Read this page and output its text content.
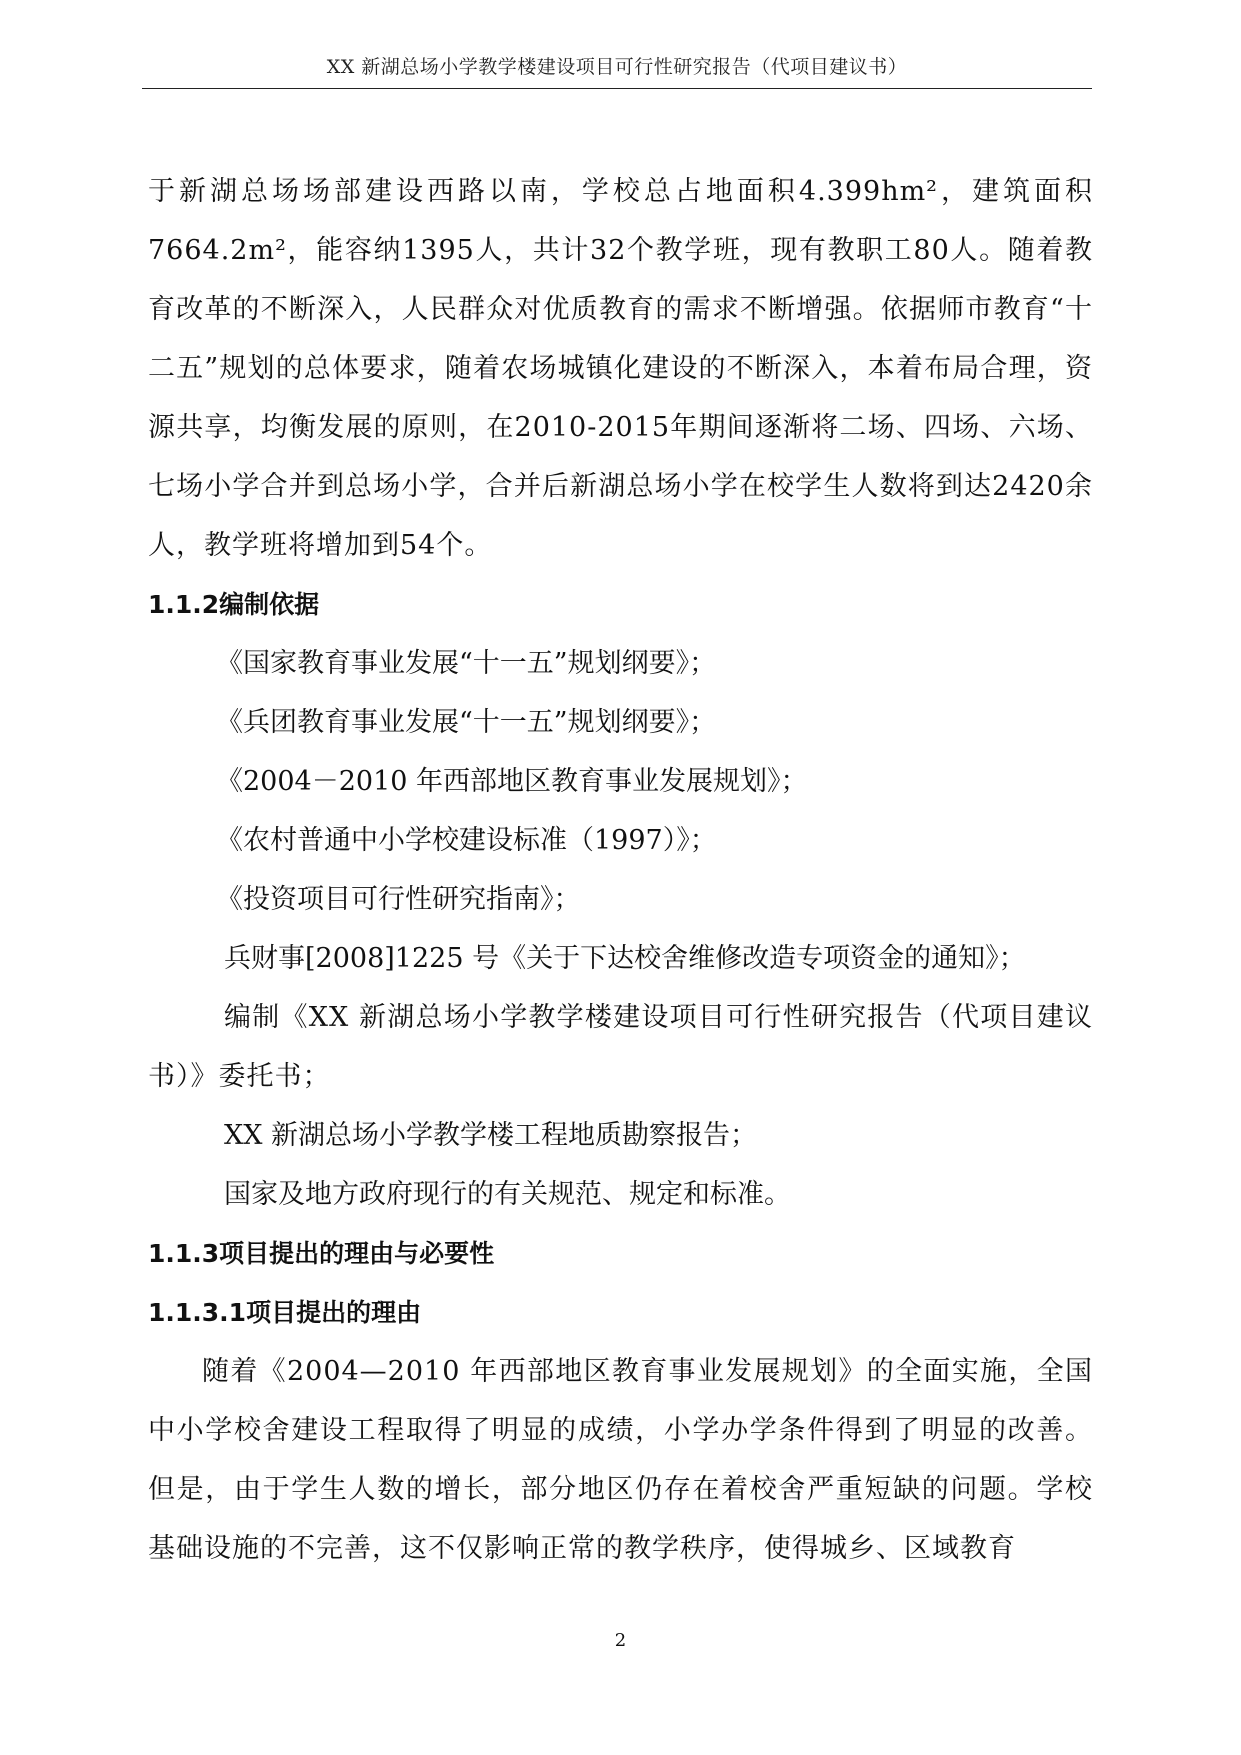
XX 新湖总场小学教学楼建设项目可行性研究报告（代项目建议书）

于新湖总场场部建设西路以南，学校总占地面积4.399hm²，建筑面积7664.2m²，能容纳1395人，共计32个教学班，现有教职工80人。随着教育改革的不断深入，人民群众对优质教育的需求不断增强。依据师市教育“十二五”规划的总体要求，随着农场城镇化建设的不断深入，本着布局合理，资源共享，均衡发展的原则，在2010-2015年期间逐渐将二场、四场、六场、七场小学合并到总场小学，合并后新湖总场小学在校学生人数将到达2420余人，教学班将增加到54个。

1.1.2编制依据

《国家教育事业发展“十一五”规划纲要》；

《兵团教育事业发展“十一五”规划纲要》；

《2004－2010 年西部地区教育事业发展规划》；

《农村普通中小学校建设标准（1997）》；

《投资项目可行性研究指南》；

兵财事[2008]1225 号《关于下达校舍维修改造专项资金的通知》；

编制《XX 新湖总场小学教学楼建设项目可行性研究报告（代项目建议书）》委托书；

XX 新湖总场小学教学楼工程地质勘察报告；

国家及地方政府现行的有关规范、规定和标准。

1.1.3项目提出的理由与必要性

1.1.3.1项目提出的理由

随着《2004—2010 年西部地区教育事业发展规划》的全面实施，全国中小学校舍建设工程取得了明显的成绩，小学办学条件得到了明显的改善。但是，由于学生人数的增长，部分地区仍存在着校舍严重短缺的问题。学校基础设施的不完善，这不仅影响正常的教学秩序，使得城乡、区域教育

2
